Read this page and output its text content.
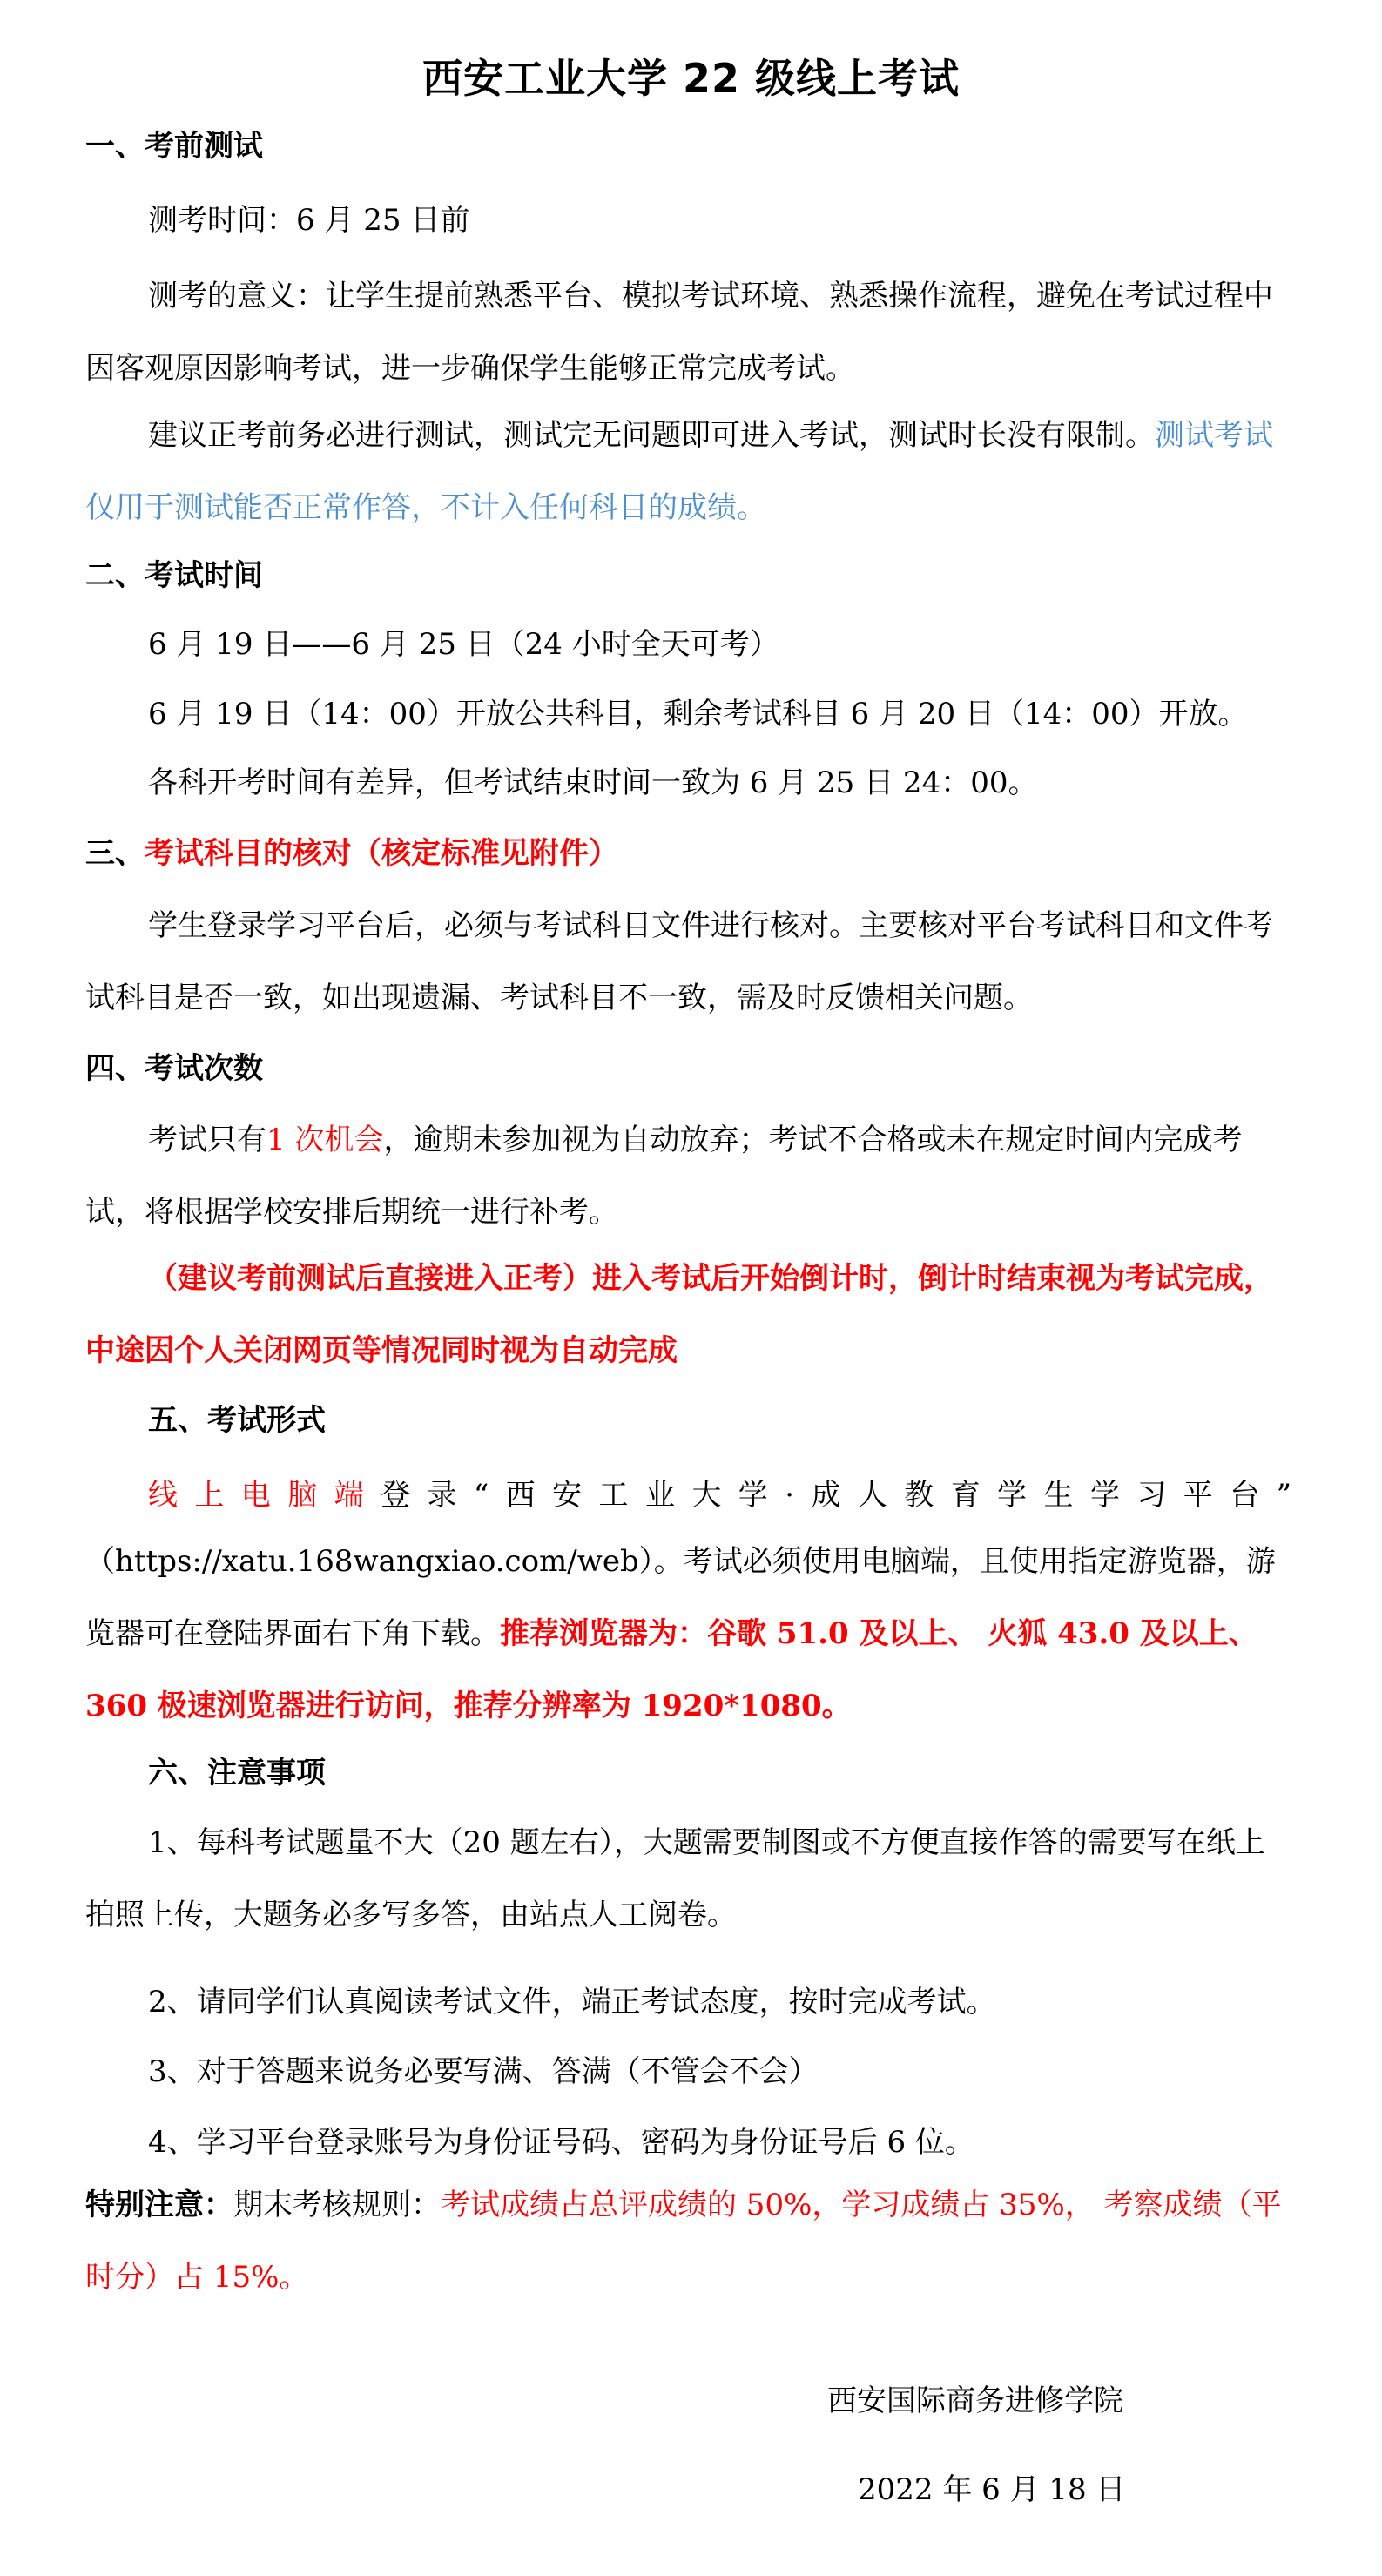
西安工业大学 22 级线上考试
一、考前测试
测考时间：6 月 25 日前

测考的意义：让学生提前熟悉平台、模拟考试环境、熟悉操作流程，避免在考试过程中因客观原因影响考试，进一步确保学生能够正常完成考试。

建议正考前务必进行测试，测试完无问题即可进入考试，测试时长没有限制。测试考试仅用于测试能否正常作答，不计入任何科目的成绩。

二、考试时间
6 月 19 日——6 月 25 日（24 小时全天可考）
6 月 19 日（14：00）开放公共科目，剩余考试科目 6 月 20 日（14：00）开放。
各科开考时间有差异，但考试结束时间一致为 6 月 25 日 24：00。
三、考试科目的核对（核定标准见附件）

学生登录学习平台后，必须与考试科目文件进行核对。主要核对平台考试科目和文件考试科目是否一致，如出现遗漏、考试科目不一致，需及时反馈相关问题。

四、考试次数

考试只有1 次机会，逾期未参加视为自动放弃；考试不合格或未在规定时间内完成考试，将根据学校安排后期统一进行补考。

（建议考前测试后直接进入正考）进入考试后开始倒计时，倒计时结束视为考试完成，中途因个人关闭网页等情况同时视为自动完成

五、考试形式

线上电脑端登录“西安工业大学·成人教育学生学习平台”

（https://xatu.168wangxiao.com/web）。考试必须使用电脑端，且使用指定游览器，游览器可在登陆界面右下角下载。推荐浏览器为：谷歌 51.0 及以上、 火狐 43.0 及以上、360 极速浏览器进行访问，推荐分辨率为 1920*1080。

六、注意事项

1、每科考试题量不大（20 题左右），大题需要制图或不方便直接作答的需要写在纸上拍照上传，大题务必多写多答，由站点人工阅卷。

2、请同学们认真阅读考试文件，端正考试态度，按时完成考试。
3、对于答题来说务必要写满、答满（不管会不会）
4、学习平台登录账号为身份证号码、密码为身份证号后 6 位。

特别注意：期末考核规则：考试成绩占总评成绩的 50%，学习成绩占 35%， 考察成绩（平时分）占 15%。

西安国际商务进修学院
2022 年 6 月 18 日
